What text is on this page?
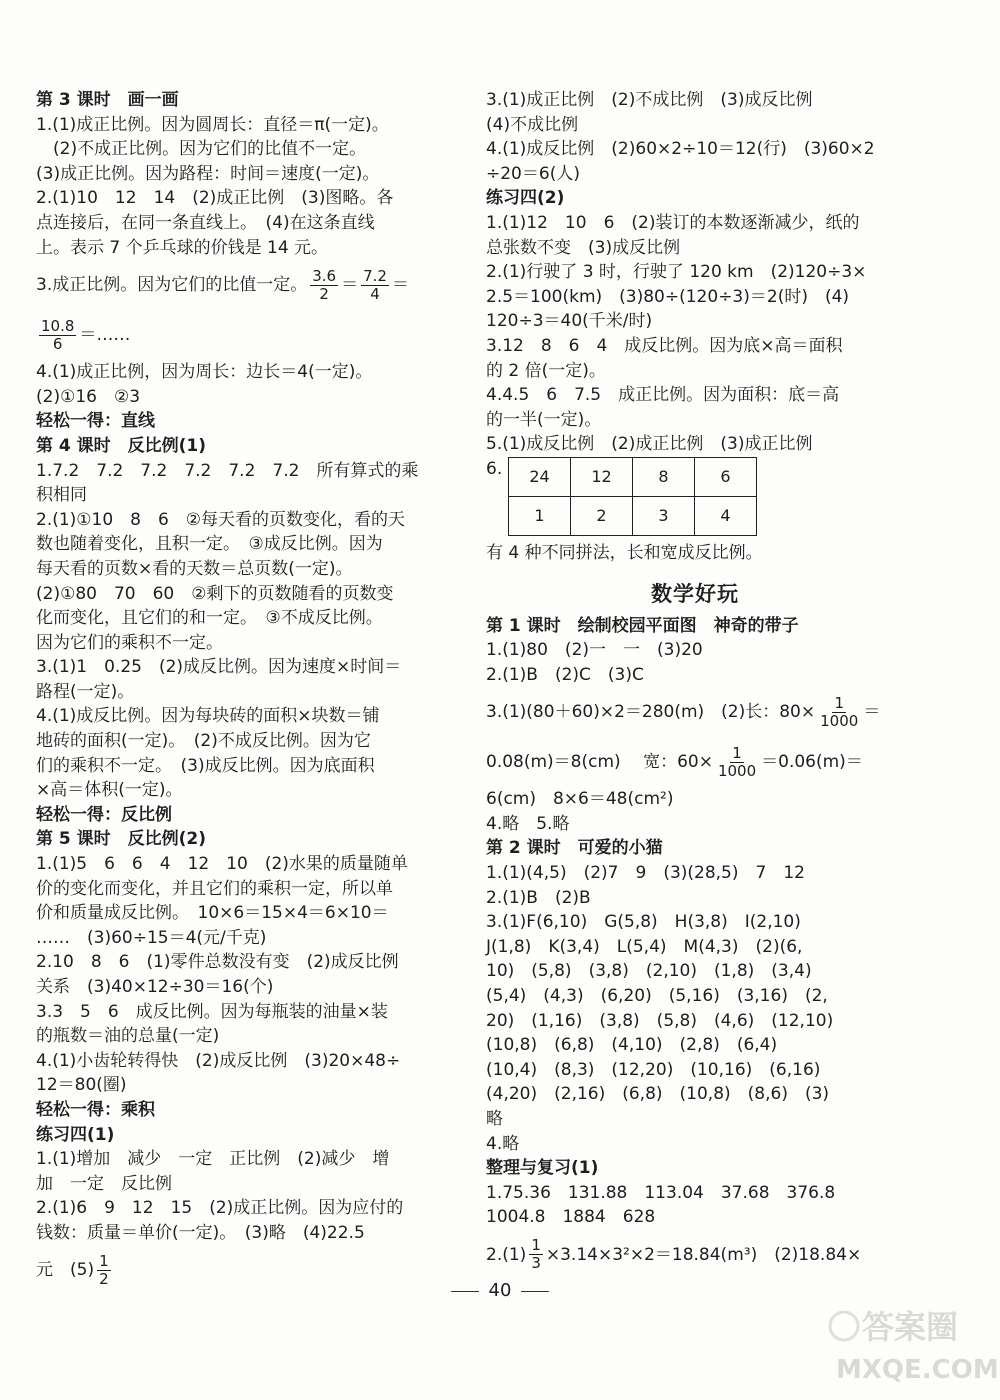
第 3 课时　画一画
1.(1)成正比例。因为圆周长：直径＝π(一定)。
　(2)不成正比例。因为它们的比值不一定。
(3)成正比例。因为路程：时间＝速度(一定)。
2.(1)10　12　14　(2)成正比例　(3)图略。各
点连接后，在同一条直线上。　(4)在这条直线
上。表示 7 个乒乓球的价钱是 14 元。
3.成正比例。因为它们的比值一定。 $\frac{3.6}{2} = \frac{7.2}{4}$ ＝
$\frac{10.8}{6}$ ＝……
4.(1)成正比例，因为周长：边长＝4(一定)。
(2)①16　②3
轻松一得：直线
第 4 课时　反比例(1)
1.7.2　7.2　7.2　7.2　7.2　7.2　所有算式的乘
积相同
2.(1)①10　8　6　②每天看的页数变化，看的天
数也随着变化，且积一定。　③成反比例。因为
每天看的页数×看的天数＝总页数(一定)。
(2)①80　70　60　②剩下的页数随看的页数变
化而变化，且它们的和一定。　③不成反比例。
因为它们的乘积不一定。
3.(1)1　0.25　(2)成反比例。因为速度×时间＝
路程(一定)。
4.(1)成反比例。因为每块砖的面积×块数＝铺
地砖的面积(一定)。　(2)不成反比例。因为它
们的乘积不一定。　(3)成反比例。因为底面积
×高＝体积(一定)。
轻松一得：反比例
第 5 课时　反比例(2)
1.(1)5　6　6　4　12　10　(2)水果的质量随单
价的变化而变化，并且它们的乘积一定，所以单
价和质量成反比例。　10×6＝15×4＝6×10＝
……　(3)60÷15＝4(元/千克)
2.10　8　6　(1)零件总数没有变　(2)成反比例
关系　(3)40×12÷30＝16(个)
3.3　5　6　成反比例。因为每瓶装的油量×装
的瓶数＝油的总量(一定)
4.(1)小齿轮转得快　(2)成反比例　(3)20×48÷
12＝80(圈)
轻松一得：乘积
练习四(1)
1.(1)增加　减少　一定　正比例　(2)减少　增
加　一定　反比例
2.(1)6　9　12　15　(2)成正比例。因为应付的
钱数：质量＝单价(一定)。　(3)略　(4)22.5
元　$(5) \frac{1}{2}$
3.(1)成正比例　(2)不成比例　(3)成反比例
(4)不成比例
4.(1)成反比例　(2)60×2÷10＝12(行)　(3)60×2
÷20＝6(人)
练习四(2)
1.(1)12　10　6　(2)装订的本数逐渐减少，纸的
总张数不变　(3)成反比例
2.(1)行驶了 3 时，行驶了 120 km　(2)120÷3×
2.5＝100(km)　(3)80÷(120÷3)＝2(时)　(4)
120÷3＝40(千米/时)
3.12　8　6　4　成反比例。因为底×高＝面积
的 2 倍(一定)。
4.4.5　6　7.5　成正比例。因为面积：底＝高
的一半(一定)。
5.(1)成反比例　(2)成正比例　(3)成正比例
6. 24	12	8	6
1	2	3	4
有 4 种不同拼法，长和宽成反比例。
数学好玩
第 1 课时　绘制校园平面图　神奇的带子
1.(1)80　(2)一　一　(3)20
2.(1)B　(2)C　(3)C
3.(1)(80＋60)×2＝280(m)　(2)长：$80\times \frac{1}{1000}$ ＝
0.08(m)＝8(cm)　 宽：$60\times \frac{1}{1000} =0.06(m)=$
6(cm)　8×6＝48(cm²)
4.略　5.略
第 2 课时　可爱的小猫
1.(1)(4,5)　(2)7　9　(3)(28,5)　7　12
2.(1)B　(2)B
3.(1)F(6,10)　G(5,8)　H(3,8)　I(2,10)
J(1,8)　K(3,4)　L(5,4)　M(4,3)　(2)(6,
10)　(5,8)　(3,8)　(2,10)　(1,8)　(3,4)
(5,4)　(4,3)　(6,20)　(5,16)　(3,16)　(2,
20)　(1,16)　(3,8)　(5,8)　(4,6)　(12,10)
(10,8)　(6,8)　(4,10)　(2,8)　(6,4)
(10,4)　(8,3)　(12,20)　(10,16)　(6,16)
(4,20)　(2,16)　(6,8)　(10,8)　(8,6)　(3)
略
4.略
整理与复习(1)
1.75.36　131.88　113.04　37.68　376.8
1004.8　1884　628
$2.(1) \frac{1}{3} \times 3.14\times 3^2\times 2=18.84(m^3)$　(2)18.84×
40
答案圈
MXQE.COM
